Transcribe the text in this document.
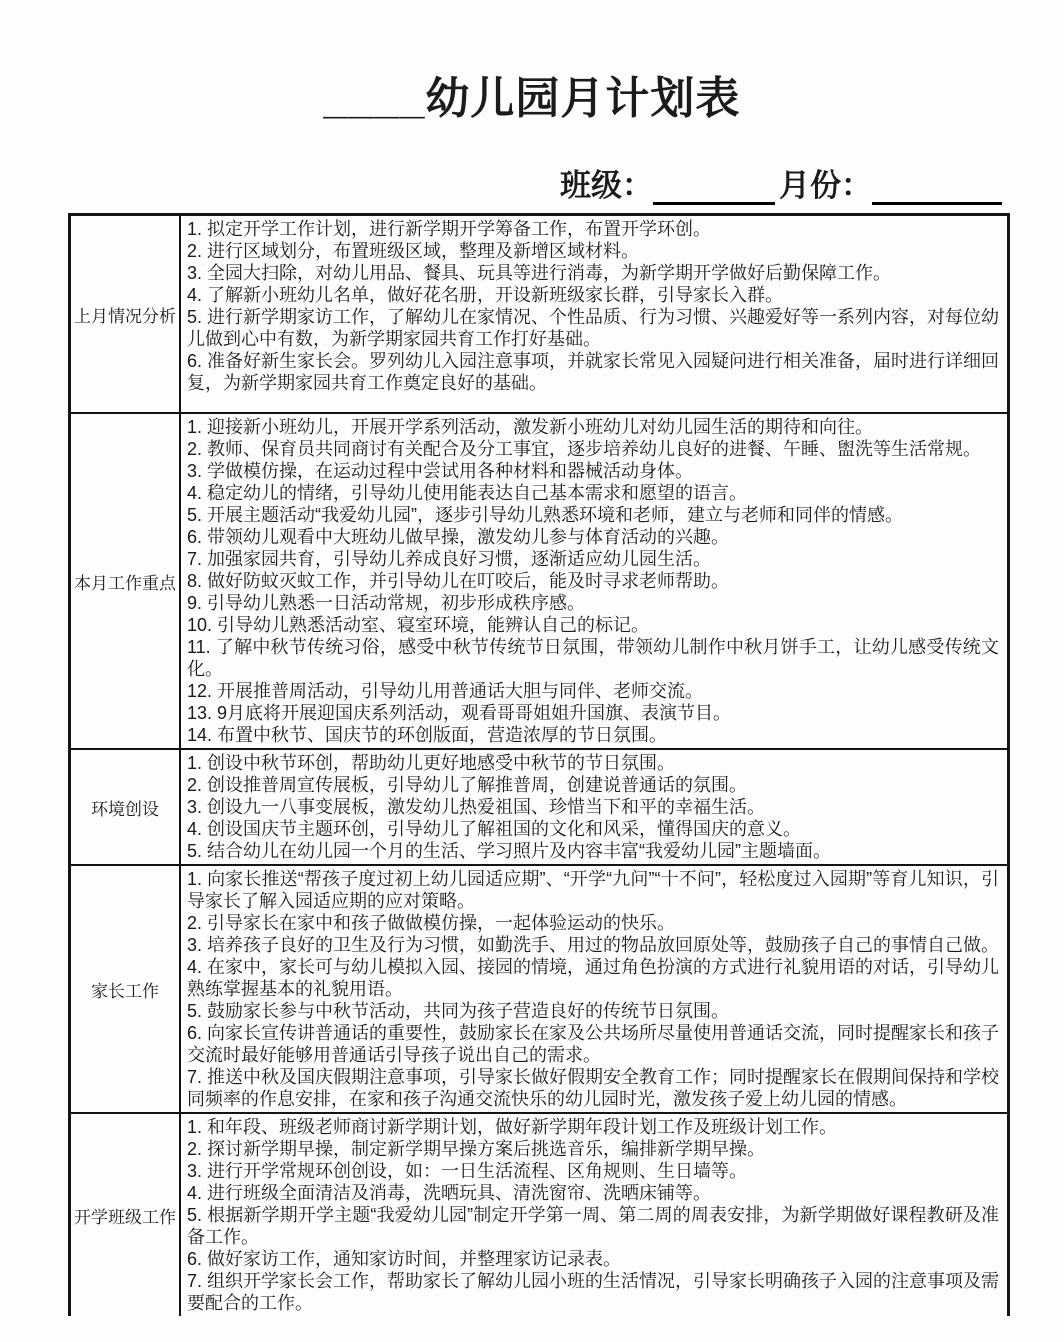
____幼儿园月计划表
班级：	月份：
上月情况分析
1. 拟定开学工作计划，进行新学期开学筹备工作，布置开学环创。
2. 进行区域划分，布置班级区域，整理及新增区域材料。
3. 全园大扫除，对幼儿用品、餐具、玩具等进行消毒，为新学期开学做好后勤保障工作。
4. 了解新小班幼儿名单，做好花名册，开设新班级家长群，引导家长入群。
5. 进行新学期家访工作，了解幼儿在家情况、个性品质、行为习惯、兴趣爱好等一系列内容，对每位幼儿做到心中有数，为新学期家园共育工作打好基础。
6. 准备好新生家长会。罗列幼儿入园注意事项，并就家长常见入园疑问进行相关准备，届时进行详细回复，为新学期家园共育工作奠定良好的基础。
本月工作重点
1. 迎接新小班幼儿，开展开学系列活动，激发新小班幼儿对幼儿园生活的期待和向往。
2. 教师、保育员共同商讨有关配合及分工事宜，逐步培养幼儿良好的进餐、午睡、盥洗等生活常规。
3. 学做模仿操，在运动过程中尝试用各种材料和器械活动身体。
4. 稳定幼儿的情绪，引导幼儿使用能表达自己基本需求和愿望的语言。
5. 开展主题活动“我爱幼儿园”，逐步引导幼儿熟悉环境和老师，建立与老师和同伴的情感。
6. 带领幼儿观看中大班幼儿做早操，激发幼儿参与体育活动的兴趣。
7. 加强家园共育，引导幼儿养成良好习惯，逐渐适应幼儿园生活。
8. 做好防蚊灭蚊工作，并引导幼儿在叮咬后，能及时寻求老师帮助。
9. 引导幼儿熟悉一日活动常规，初步形成秩序感。
10. 引导幼儿熟悉活动室、寝室环境，能辨认自己的标记。
11. 了解中秋节传统习俗，感受中秋节传统节日氛围，带领幼儿制作中秋月饼手工，让幼儿感受传统文化。
12. 开展推普周活动，引导幼儿用普通话大胆与同伴、老师交流。
13. 9月底将开展迎国庆系列活动，观看哥哥姐姐升国旗、表演节目。
14. 布置中秋节、国庆节的环创版面，营造浓厚的节日氛围。
环境创设
1. 创设中秋节环创，帮助幼儿更好地感受中秋节的节日氛围。
2. 创设推普周宣传展板，引导幼儿了解推普周，创建说普通话的氛围。
3. 创设九一八事变展板，激发幼儿热爱祖国、珍惜当下和平的幸福生活。
4. 创设国庆节主题环创，引导幼儿了解祖国的文化和风采，懂得国庆的意义。
5. 结合幼儿在幼儿园一个月的生活、学习照片及内容丰富“我爱幼儿园”主题墙面。
家长工作
1. 向家长推送“帮孩子度过初上幼儿园适应期”、“开学“九问”“十不问”，轻松度过入园期”等育儿知识，引导家长了解入园适应期的应对策略。
2. 引导家长在家中和孩子做做模仿操，一起体验运动的快乐。
3. 培养孩子良好的卫生及行为习惯，如勤洗手、用过的物品放回原处等，鼓励孩子自己的事情自己做。
4. 在家中，家长可与幼儿模拟入园、接园的情境，通过角色扮演的方式进行礼貌用语的对话，引导幼儿熟练掌握基本的礼貌用语。
5. 鼓励家长参与中秋节活动，共同为孩子营造良好的传统节日氛围。
6. 向家长宣传讲普通话的重要性，鼓励家长在家及公共场所尽量使用普通话交流，同时提醒家长和孩子交流时最好能够用普通话引导孩子说出自己的需求。
7. 推送中秋及国庆假期注意事项，引导家长做好假期安全教育工作；同时提醒家长在假期间保持和学校同频率的作息安排，在家和孩子沟通交流快乐的幼儿园时光，激发孩子爱上幼儿园的情感。
开学班级工作
1. 和年段、班级老师商讨新学期计划，做好新学期年段计划工作及班级计划工作。
2. 探讨新学期早操，制定新学期早操方案后挑选音乐，编排新学期早操。
3. 进行开学常规环创创设，如：一日生活流程、区角规则、生日墙等。
4. 进行班级全面清洁及消毒，洗晒玩具、清洗窗帘、洗晒床铺等。
5. 根据新学期开学主题“我爱幼儿园”制定开学第一周、第二周的周表安排，为新学期做好课程教研及准备工作。
6. 做好家访工作，通知家访时间，并整理家访记录表。
7. 组织开学家长会工作，帮助家长了解幼儿园小班的生活情况，引导家长明确孩子入园的注意事项及需要配合的工作。
